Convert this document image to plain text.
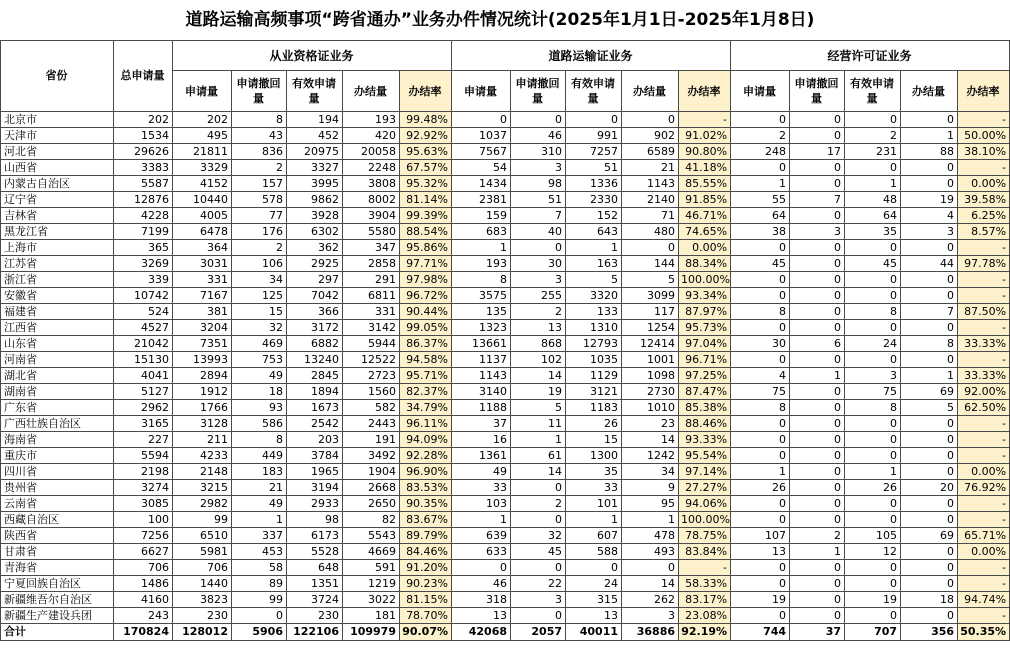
道路运输高频事项“跨省通办”业务办件情况统计(2025年1月1日-2025年1月8日)
省份	总申请量	从业资格证业务					道路运输证业务					经营许可证业务				
		申请量	申请撤回量	有效申请量	办结量	办结率	申请量	申请撤回量	有效申请量	办结量	办结率	申请量	申请撤回量	有效申请量	办结量	办结率
北京市	202	202	8	194	193	99.48%	0	0	0	0	-	0	0	0	0	-
天津市	1534	495	43	452	420	92.92%	1037	46	991	902	91.02%	2	0	2	1	50.00%
河北省	29626	21811	836	20975	20058	95.63%	7567	310	7257	6589	90.80%	248	17	231	88	38.10%
山西省	3383	3329	2	3327	2248	67.57%	54	3	51	21	41.18%	0	0	0	0	-
内蒙古自治区	5587	4152	157	3995	3808	95.32%	1434	98	1336	1143	85.55%	1	0	1	0	0.00%
辽宁省	12876	10440	578	9862	8002	81.14%	2381	51	2330	2140	91.85%	55	7	48	19	39.58%
吉林省	4228	4005	77	3928	3904	99.39%	159	7	152	71	46.71%	64	0	64	4	6.25%
黑龙江省	7199	6478	176	6302	5580	88.54%	683	40	643	480	74.65%	38	3	35	3	8.57%
上海市	365	364	2	362	347	95.86%	1	0	1	0	0.00%	0	0	0	0	-
江苏省	3269	3031	106	2925	2858	97.71%	193	30	163	144	88.34%	45	0	45	44	97.78%
浙江省	339	331	34	297	291	97.98%	8	3	5	5	100.00%	0	0	0	0	-
安徽省	10742	7167	125	7042	6811	96.72%	3575	255	3320	3099	93.34%	0	0	0	0	-
福建省	524	381	15	366	331	90.44%	135	2	133	117	87.97%	8	0	8	7	87.50%
江西省	4527	3204	32	3172	3142	99.05%	1323	13	1310	1254	95.73%	0	0	0	0	-
山东省	21042	7351	469	6882	5944	86.37%	13661	868	12793	12414	97.04%	30	6	24	8	33.33%
河南省	15130	13993	753	13240	12522	94.58%	1137	102	1035	1001	96.71%	0	0	0	0	-
湖北省	4041	2894	49	2845	2723	95.71%	1143	14	1129	1098	97.25%	4	1	3	1	33.33%
湖南省	5127	1912	18	1894	1560	82.37%	3140	19	3121	2730	87.47%	75	0	75	69	92.00%
广东省	2962	1766	93	1673	582	34.79%	1188	5	1183	1010	85.38%	8	0	8	5	62.50%
广西壮族自治区	3165	3128	586	2542	2443	96.11%	37	11	26	23	88.46%	0	0	0	0	-
海南省	227	211	8	203	191	94.09%	16	1	15	14	93.33%	0	0	0	0	-
重庆市	5594	4233	449	3784	3492	92.28%	1361	61	1300	1242	95.54%	0	0	0	0	-
四川省	2198	2148	183	1965	1904	96.90%	49	14	35	34	97.14%	1	0	1	0	0.00%
贵州省	3274	3215	21	3194	2668	83.53%	33	0	33	9	27.27%	26	0	26	20	76.92%
云南省	3085	2982	49	2933	2650	90.35%	103	2	101	95	94.06%	0	0	0	0	-
西藏自治区	100	99	1	98	82	83.67%	1	0	1	1	100.00%	0	0	0	0	-
陕西省	7256	6510	337	6173	5543	89.79%	639	32	607	478	78.75%	107	2	105	69	65.71%
甘肃省	6627	5981	453	5528	4669	84.46%	633	45	588	493	83.84%	13	1	12	0	0.00%
青海省	706	706	58	648	591	91.20%	0	0	0	0	-	0	0	0	0	-
宁夏回族自治区	1486	1440	89	1351	1219	90.23%	46	22	24	14	58.33%	0	0	0	0	-
新疆维吾尔自治区	4160	3823	99	3724	3022	81.15%	318	3	315	262	83.17%	19	0	19	18	94.74%
新疆生产建设兵团	243	230	0	230	181	78.70%	13	0	13	3	23.08%	0	0	0	0	-
合计	170824	128012	5906	122106	109979	90.07%	42068	2057	40011	36886	92.19%	744	37	707	356	50.35%
